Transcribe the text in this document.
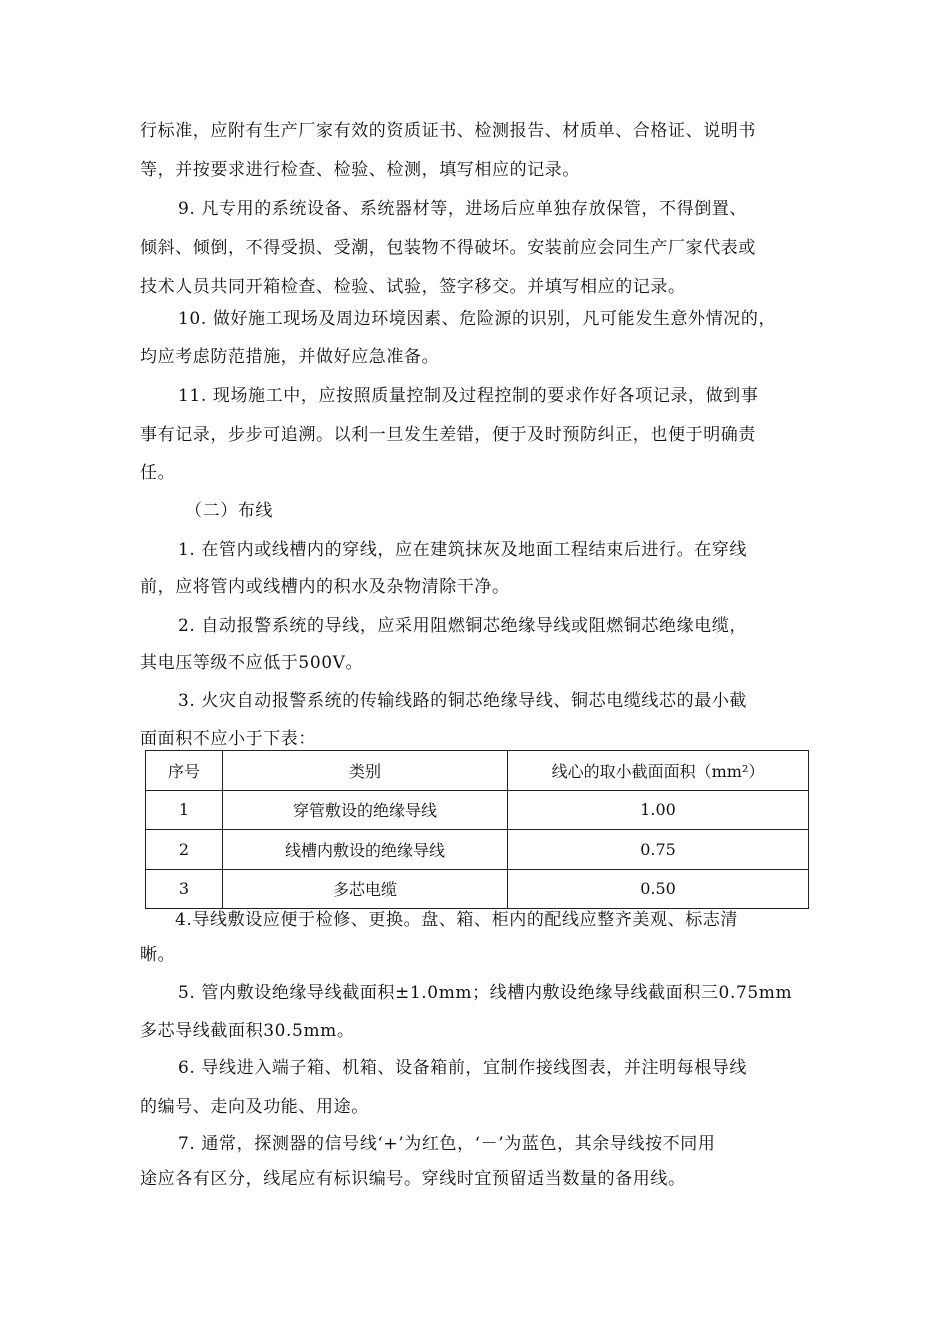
行标准，应附有生产厂家有效的资质证书、检测报告、材质单、合格证、说明书
等，并按要求进行检查、检验、检测，填写相应的记录。
9. 凡专用的系统设备、系统器材等，进场后应单独存放保管，不得倒置、
倾斜、倾倒，不得受损、受潮，包装物不得破坏。安装前应会同生产厂家代表或
技术人员共同开箱检查、检验、试验，签字移交。并填写相应的记录。
10. 做好施工现场及周边环境因素、危险源的识别，凡可能发生意外情况的，
均应考虑防范措施，并做好应急准备。
11. 现场施工中，应按照质量控制及过程控制的要求作好各项记录，做到事
事有记录，步步可追溯。以利一旦发生差错，便于及时预防纠正，也便于明确责
任。
（二）布线
1. 在管内或线槽内的穿线，应在建筑抹灰及地面工程结束后进行。在穿线
前，应将管内或线槽内的积水及杂物清除干净。
2. 自动报警系统的导线，应采用阻燃铜芯绝缘导线或阻燃铜芯绝缘电缆，
其电压等级不应低于500V。
3. 火灾自动报警系统的传输线路的铜芯绝缘导线、铜芯电缆线芯的最小截
面面积不应小于下表：
序号	类别	线心的取小截面面积（mm²）
1	穿管敷设的绝缘导线	1.00
2	线槽内敷设的绝缘导线	0.75
3	多芯电缆	0.50
4.导线敷设应便于检修、更换。盘、箱、柜内的配线应整齐美观、标志清
晰。
5. 管内敷设绝缘导线截面积±1.0mm；线槽内敷设绝缘导线截面积三0.75mm
多芯导线截面积30.5mm。
6. 导线进入端子箱、机箱、设备箱前，宜制作接线图表，并注明每根导线
的编号、走向及功能、用途。
7. 通常，探测器的信号线‘+’为红色，‘－’为蓝色，其余导线按不同用
途应各有区分，线尾应有标识编号。穿线时宜预留适当数量的备用线。
